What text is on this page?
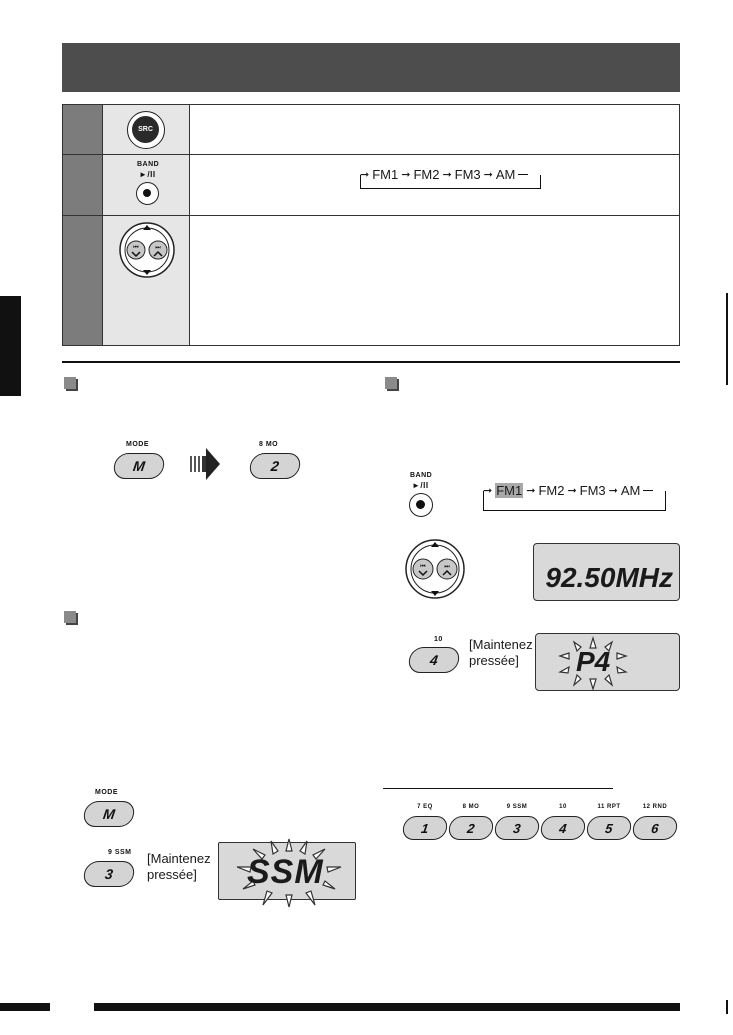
SRC
BAND
►/II	➞ FM1 ➞ FM2 ➞ FM3 ➞ AM
⏮	⏭
MODE
M
8 MO
2
BAND
►/II	➞ FM1 ➞ FM2 ➞ FM3 ➞ AM
⏮	⏭	92.50MHz
10
4
[Maintenez
pressée]	P4
MODE
M
9 SSM
3
[Maintenez
pressée]	SSM
7 EQ
1
8 MO
2
9 SSM
3
10
4
11 RPT
5
12 RND
6
